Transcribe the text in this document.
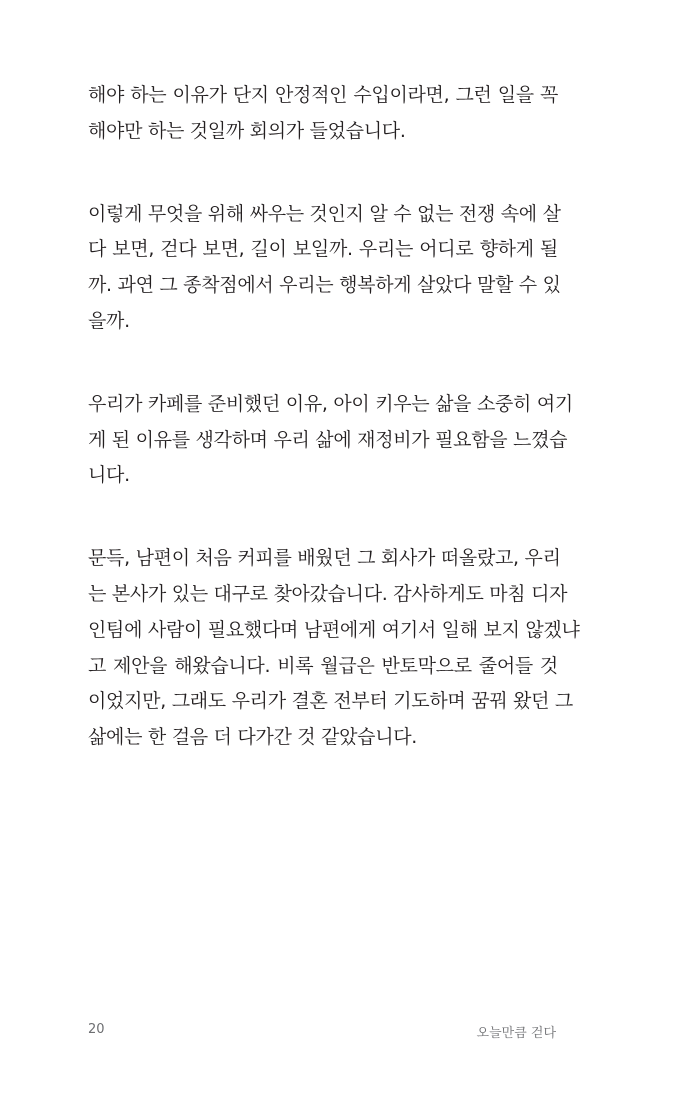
해야 하는 이유가 단지 안정적인 수입이라면, 그런 일을 꼭
해야만 하는 것일까 회의가 들었습니다.

이렇게 무엇을 위해 싸우는 것인지 알 수 없는 전쟁 속에 살
다 보면, 걷다 보면, 길이 보일까. 우리는 어디로 향하게 될
까. 과연 그 종착점에서 우리는 행복하게 살았다 말할 수 있
을까.

우리가 카페를 준비했던 이유, 아이 키우는 삶을 소중히 여기
게 된 이유를 생각하며 우리 삶에 재정비가 필요함을 느꼈습
니다.

문득, 남편이 처음 커피를 배웠던 그 회사가 떠올랐고, 우리
는 본사가 있는 대구로 찾아갔습니다. 감사하게도 마침 디자
인팀에 사람이 필요했다며 남편에게 여기서 일해 보지 않겠냐
고 제안을 해왔습니다. 비록 월급은 반토막으로 줄어들 것
이었지만, 그래도 우리가 결혼 전부터 기도하며 꿈꿔 왔던 그
삶에는 한 걸음 더 다가간 것 같았습니다.

20	오늘만큼 걷다
